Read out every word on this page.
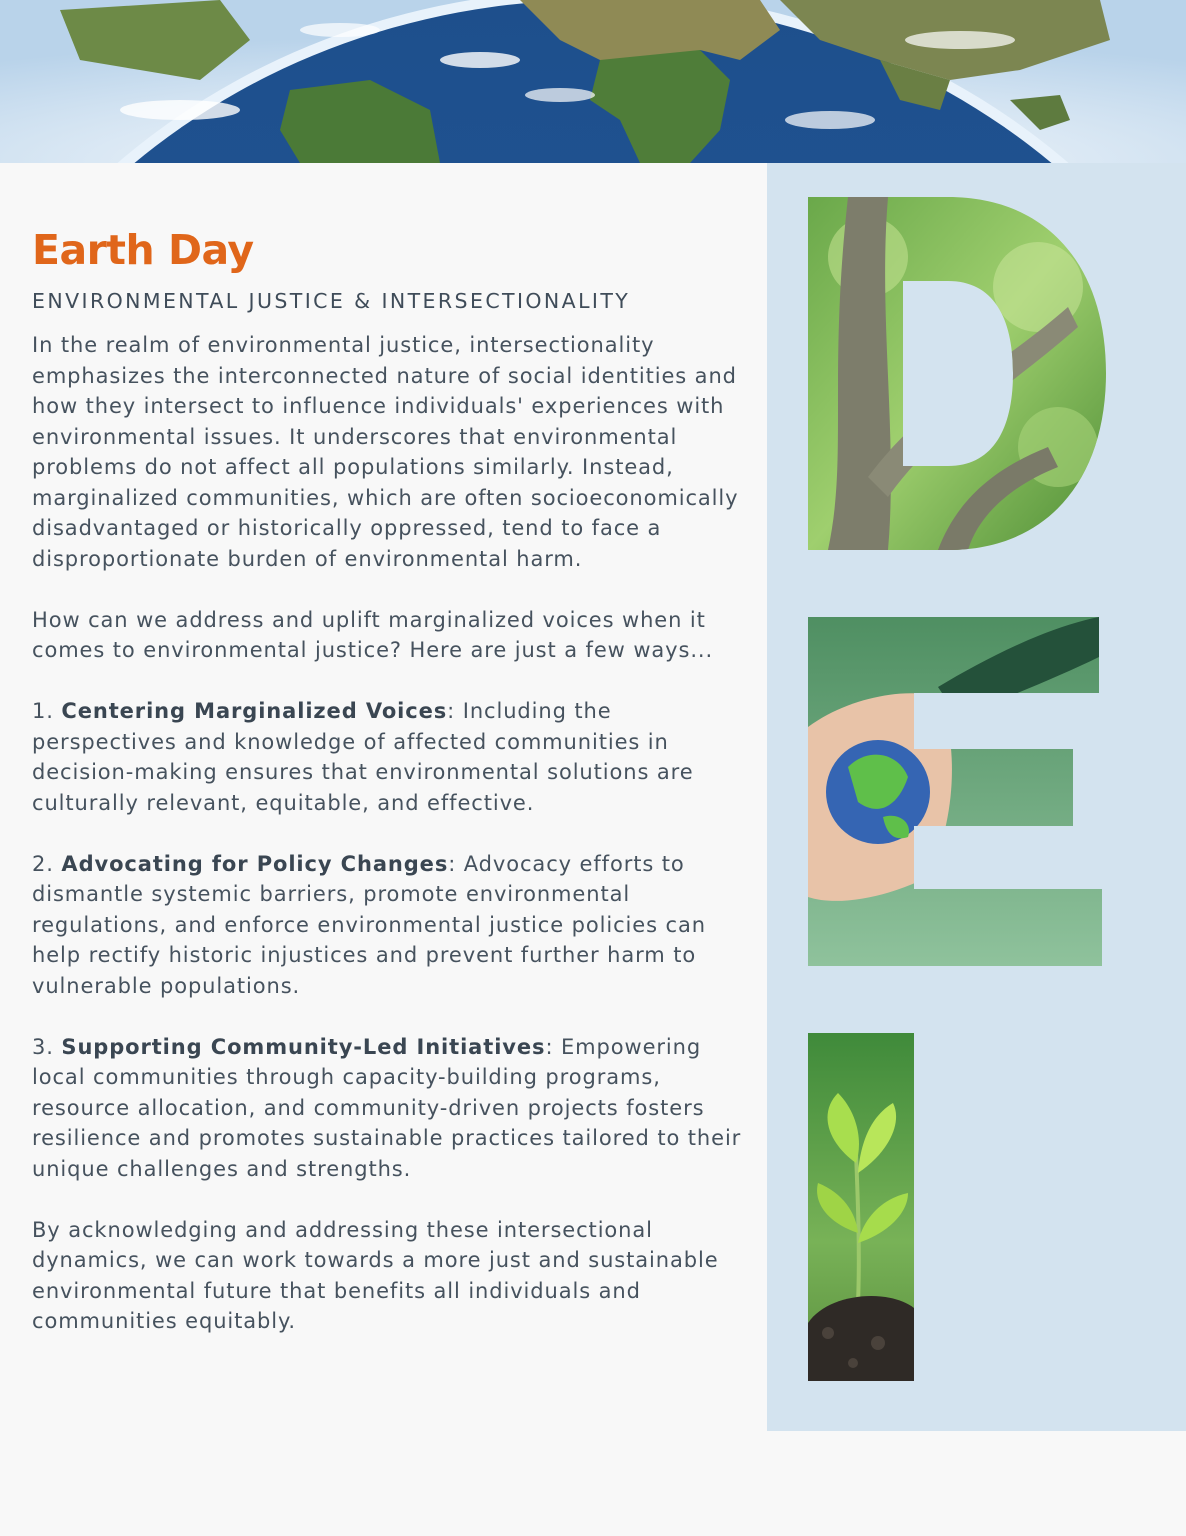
Earth Day
ENVIRONMENTAL JUSTICE & INTERSECTIONALITY

In the realm of environmental justice, intersectionality emphasizes the interconnected nature of social identities and how they intersect to influence individuals' experiences with environmental issues. It underscores that environmental problems do not affect all populations similarly. Instead, marginalized communities, which are often socioeconomically disadvantaged or historically oppressed, tend to face a disproportionate burden of environmental harm.

How can we address and uplift marginalized voices when it comes to environmental justice? Here are just a few ways...

1. Centering Marginalized Voices: Including the perspectives and knowledge of affected communities in decision-making ensures that environmental solutions are culturally relevant, equitable, and effective.

2. Advocating for Policy Changes: Advocacy efforts to dismantle systemic barriers, promote environmental regulations, and enforce environmental justice policies can help rectify historic injustices and prevent further harm to vulnerable populations.

3. Supporting Community-Led Initiatives: Empowering local communities through capacity-building programs, resource allocation, and community-driven projects fosters resilience and promotes sustainable practices tailored to their unique challenges and strengths.

By acknowledging and addressing these intersectional dynamics, we can work towards a more just and sustainable environmental future that benefits all individuals and communities equitably.
